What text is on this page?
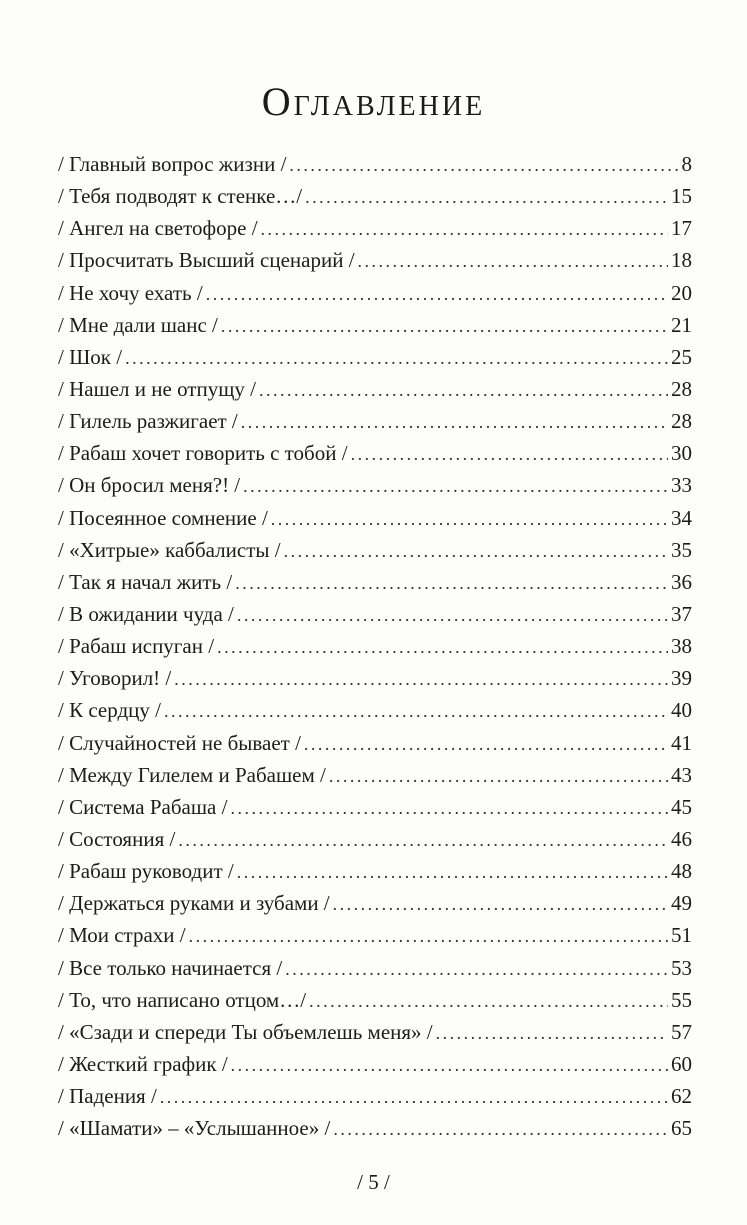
Оглавление
/ Главный вопрос жизни / . . .	8
/ Тебя подводят к стенке…/ . . .	15
/ Ангел на светофоре / . . .	17
/ Просчитать Высший сценарий / . . .	18
/ Не хочу ехать / . . .	20
/ Мне дали шанс / . . .	21
/ Шок / . . .	25
/ Нашел и не отпущу / . . .	28
/ Гилель разжигает / . . .	28
/ Рабаш хочет говорить с тобой / . . .	30
/ Он бросил меня?! / . . .	33
/ Посеянное сомнение / . . .	34
/ «Хитрые» каббалисты / . . .	35
/ Так я начал жить / . . .	36
/ В ожидании чуда / . . .	37
/ Рабаш испуган / . . .	38
/ Уговорил! / . . .	39
/ К сердцу / . . .	40
/ Случайностей не бывает / . . .	41
/ Между Гилелем и Рабашем / . . .	43
/ Система Рабаша / . . .	45
/ Состояния / . . .	46
/ Рабаш руководит / . . .	48
/ Держаться руками и зубами / . . .	49
/ Мои страхи / . . .	51
/ Все только начинается / . . .	53
/ То, что написано отцом…/ . . .	55
/ «Сзади и спереди Ты объемлешь меня» / . . .	57
/ Жесткий график / . . .	60
/ Падения / . . .	62
/ «Шамати» – «Услышанное» / . . .	65
/ 5 /
